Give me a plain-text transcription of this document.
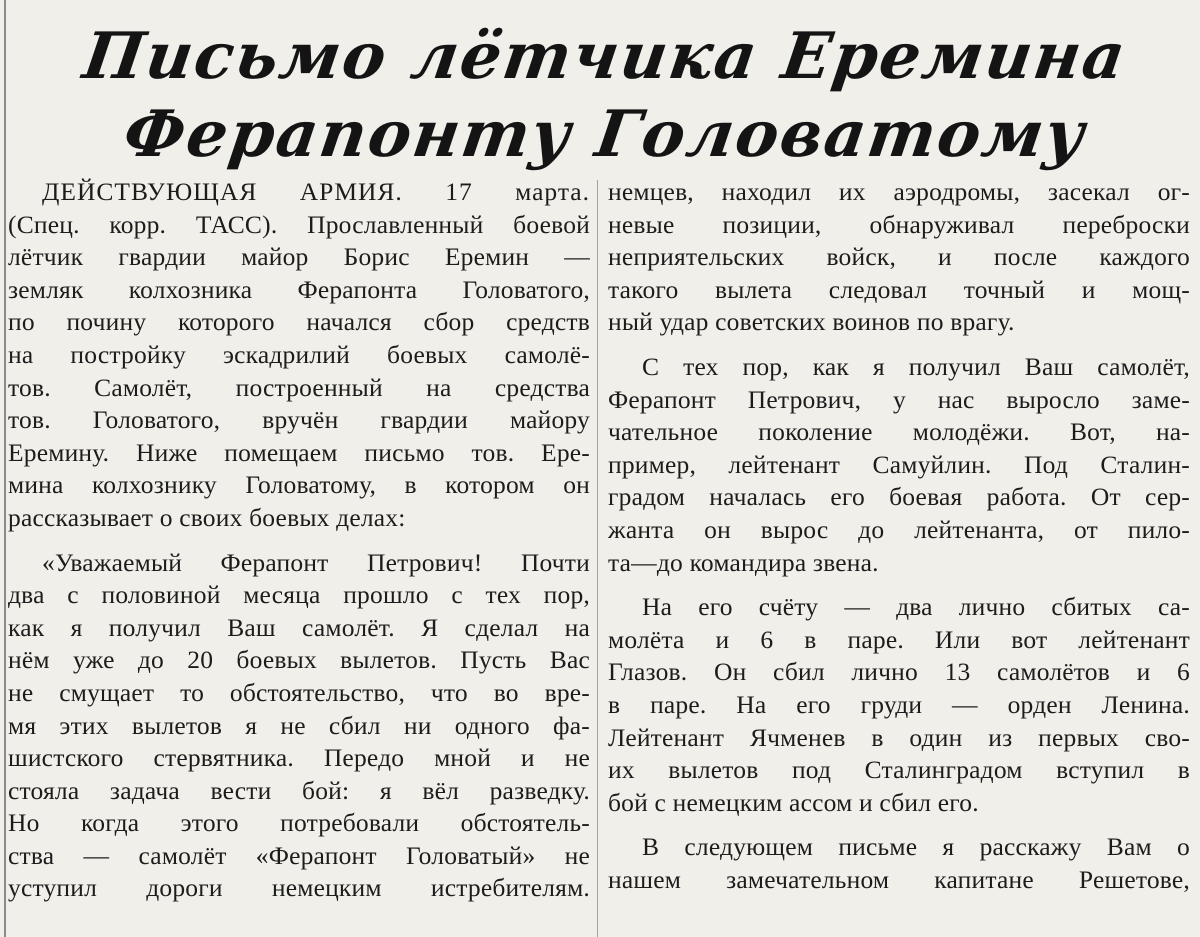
Письмо лётчика Еремина
Ферапонту Головатому
ДЕЙСТВУЮЩАЯ АРМИЯ. 17 марта.
(Спец. корр. ТАСС). Прославленный боевой
лётчик гвардии майор Борис Еремин —
земляк колхозника Ферапонта Головатого,
по почину которого начался сбор средств
на постройку эскадрилий боевых самолё-
тов. Самолёт, построенный на средства
тов. Головатого, вручён гвардии майору
Еремину. Ниже помещаем письмо тов. Ере-
мина колхознику Головатому, в котором он
рассказывает о своих боевых делах:
«Уважаемый Ферапонт Петрович! Почти
два с половиной месяца прошло с тех пор,
как я получил Ваш самолёт. Я сделал на
нём уже до 20 боевых вылетов. Пусть Вас
не смущает то обстоятельство, что во вре-
мя этих вылетов я не сбил ни одного фа-
шистского стервятника. Передо мной и не
стояла задача вести бой: я вёл разведку.
Но когда этого потребовали обстоятель-
ства — самолёт «Ферапонт Головатый» не
уступил дороги немецким истребителям.
немцев, находил их аэродромы, засекал ог-
невые позиции, обнаруживал переброски
неприятельских войск, и после каждого
такого вылета следовал точный и мощ-
ный удар советских воинов по врагу.
С тех пор, как я получил Ваш самолёт,
Ферапонт Петрович, у нас выросло заме-
чательное поколение молодёжи. Вот, на-
пример, лейтенант Самуйлин. Под Сталин-
градом началась его боевая работа. От сер-
жанта он вырос до лейтенанта, от пило-
та—до командира звена.
На его счёту — два лично сбитых са-
молёта и 6 в паре. Или вот лейтенант
Глазов. Он сбил лично 13 самолётов и 6
в паре. На его груди — орден Ленина.
Лейтенант Ячменев в один из первых сво-
их вылетов под Сталинградом вступил в
бой с немецким ассом и сбил его.
В следующем письме я расскажу Вам о
нашем замечательном капитане Решетове,
